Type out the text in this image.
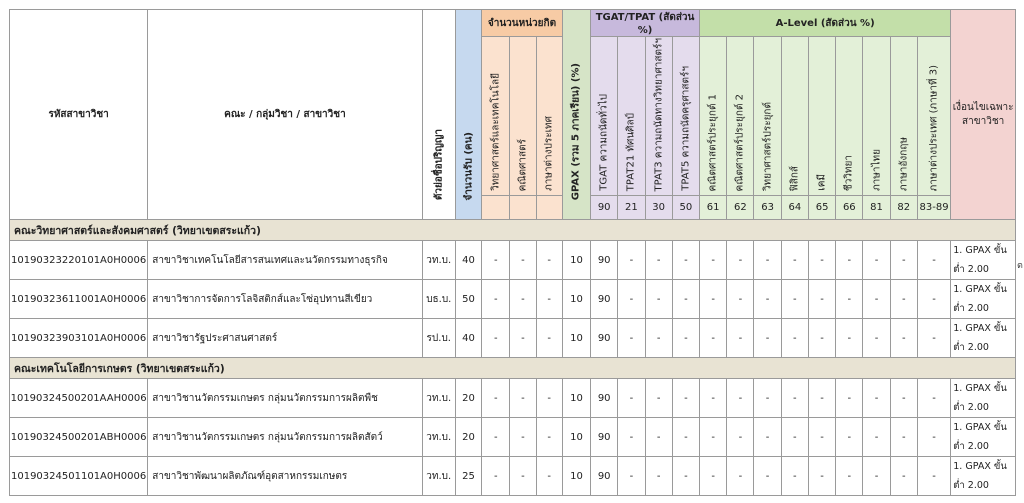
รหัสสาขาวิชา	คณะ / กลุ่มวิชา / สาขาวิชา	ตัวย่อชื่อปริญญา	จำนวนรับ (คน)	จำนวนหน่วยกิต			GPAX (รวม 5 ภาคเรียน) (%)	TGAT/TPAT (สัดส่วน %)				A-Level (สัดส่วน %)									เงื่อนไขเฉพาะ
สาขาวิชา

				วิทยาศาสตร์และเทคโนโลยี	คณิตศาสตร์	ภาษาต่างประเทศ		TGAT ความถนัดทั่วไป	TPAT21 ทัศนศิลป์	TPAT3 ความถนัดทางวิทยาศาสตร์ฯ	TPAT5 ความถนัดครุศาสตร์ฯ	คณิตศาสตร์ประยุกต์ 1	คณิตศาสตร์ประยุกต์ 2	วิทยาศาสตร์ประยุกต์	ฟิสิกส์	เคมี	ชีววิทยา	ภาษาไทย	ภาษาอังกฤษ	ภาษาต่างประเทศ (ภาษาที่ 3)	

								90	21	30	50	61	62	63	64	65	66	81	82	83-89	
คณะวิทยาศาสตร์และสังคมศาสตร์ (วิทยาเขตสระแก้ว)																					
10190323220101A0H0006	สาขาวิชาเทคโนโลยีสารสนเทศและนวัตกรรมทางธุรกิจ	วท.บ.	40	-	-	-	10	90	-	-	-	-	-	-	-	-	-	-	-	-	1. GPAX ขั้น
ต่ำ 2.00

10190323611001A0H0006	สาขาวิชาการจัดการโลจิสติกส์และโซ่อุปทานสีเขียว	บธ.บ.	50	-	-	-	10	90	-	-	-	-	-	-	-	-	-	-	-	-	1. GPAX ขั้น
ต่ำ 2.00

10190323903101A0H0006	สาขาวิชารัฐประศาสนศาสตร์	รป.บ.	40	-	-	-	10	90	-	-	-	-	-	-	-	-	-	-	-	-	1. GPAX ขั้น
ต่ำ 2.00

คณะเทคโนโลยีการเกษตร (วิทยาเขตสระแก้ว)																					
10190324500201AAH0006	สาขาวิชานวัตกรรมเกษตร กลุ่มนวัตกรรมการผลิตพืช	วท.บ.	20	-	-	-	10	90	-	-	-	-	-	-	-	-	-	-	-	-	1. GPAX ขั้น
ต่ำ 2.00

10190324500201ABH0006	สาขาวิชานวัตกรรมเกษตร กลุ่มนวัตกรรมการผลิตสัตว์	วท.บ.	20	-	-	-	10	90	-	-	-	-	-	-	-	-	-	-	-	-	1. GPAX ขั้น
ต่ำ 2.00

10190324501101A0H0006	สาขาวิชาพัฒนาผลิตภัณฑ์อุตสาหกรรมเกษตร	วท.บ.	25	-	-	-	10	90	-	-	-	-	-	-	-	-	-	-	-	-	1. GPAX ขั้น
ต่ำ 2.00
ต
